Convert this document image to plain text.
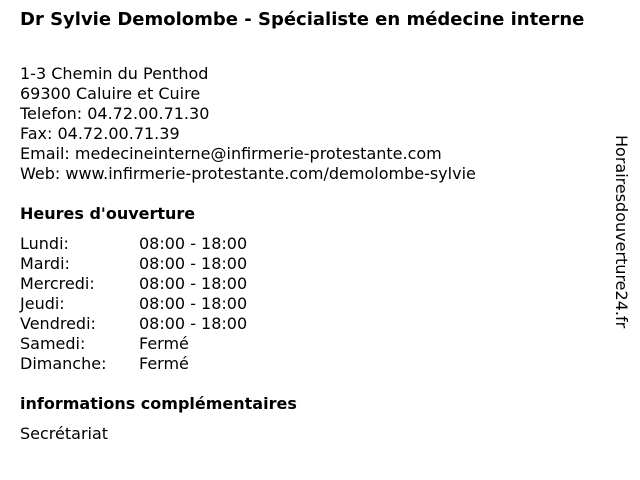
Dr Sylvie Demolombe - Spécialiste en médecine interne
1-3 Chemin du Penthod
69300 Caluire et Cuire
Telefon: 04.72.00.71.30
Fax: 04.72.00.71.39
Email: medecineinterne@infirmerie-protestante.com
Web: www.infirmerie-protestante.com/demolombe-sylvie
Heures d'ouverture
Lundi:	08:00 - 18:00
Mardi:	08:00 - 18:00
Mercredi:	08:00 - 18:00
Jeudi:	08:00 - 18:00
Vendredi:	08:00 - 18:00
Samedi:	Fermé
Dimanche:	Fermé
informations complémentaires
Secrétariat
Horairesdouverture24.fr
